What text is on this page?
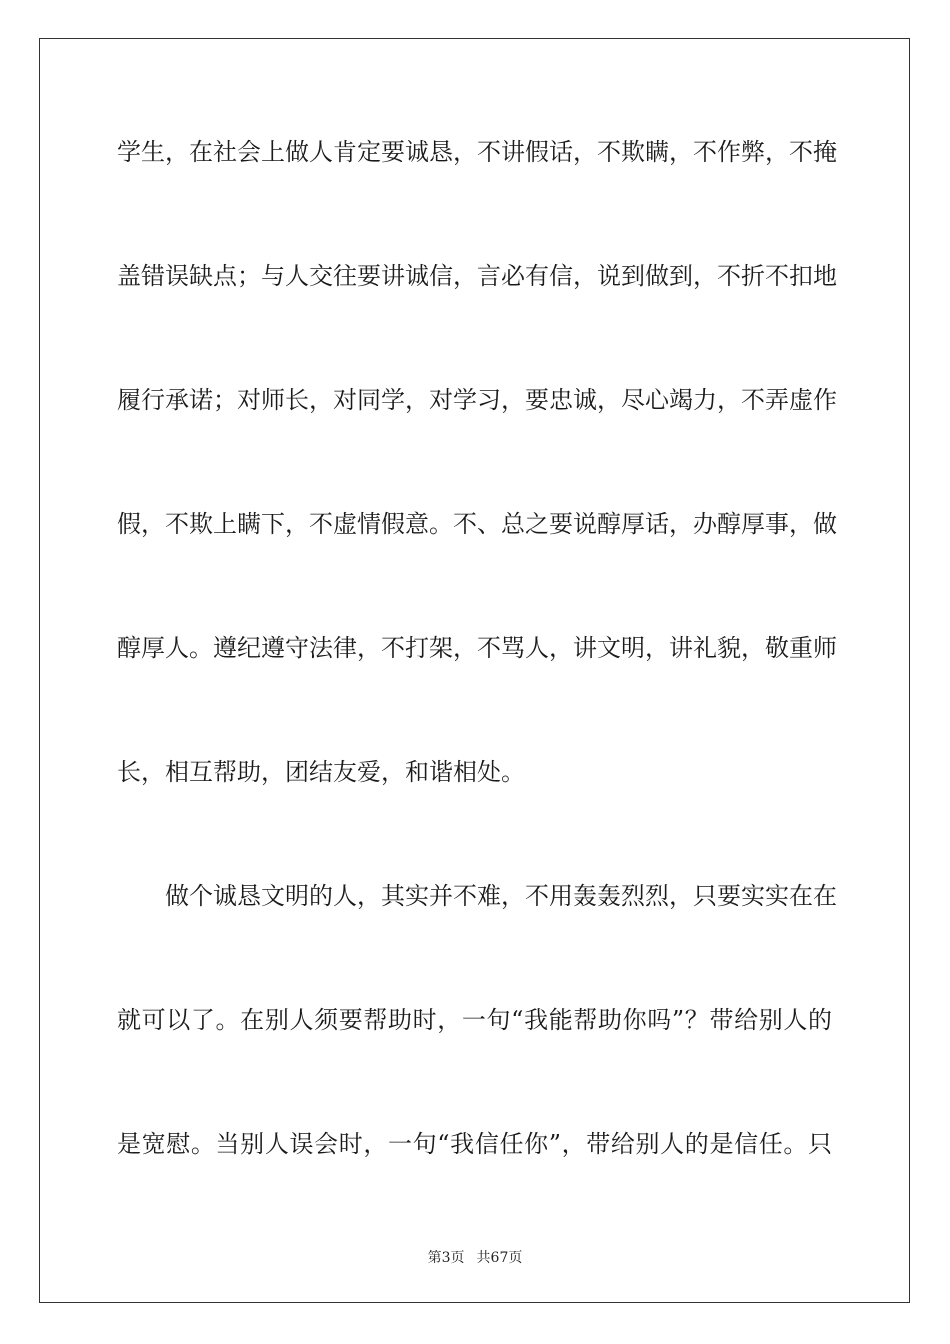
学生，在社会上做人肯定要诚恳，不讲假话，不欺瞒，不作弊，不掩
盖错误缺点；与人交往要讲诚信，言必有信，说到做到，不折不扣地
履行承诺；对师长，对同学，对学习，要忠诚，尽心竭力，不弄虚作
假，不欺上瞒下，不虚情假意。不、总之要说醇厚话，办醇厚事，做
醇厚人。遵纪遵守法律，不打架，不骂人，讲文明，讲礼貌，敬重师
长，相互帮助，团结友爱，和谐相处。
做个诚恳文明的人，其实并不难，不用轰轰烈烈，只要实实在在
就可以了。在别人须要帮助时，一句“我能帮助你吗”？带给别人的
是宽慰。当别人误会时，一句“我信任你”，带给别人的是信任。只
第3页 共67页
